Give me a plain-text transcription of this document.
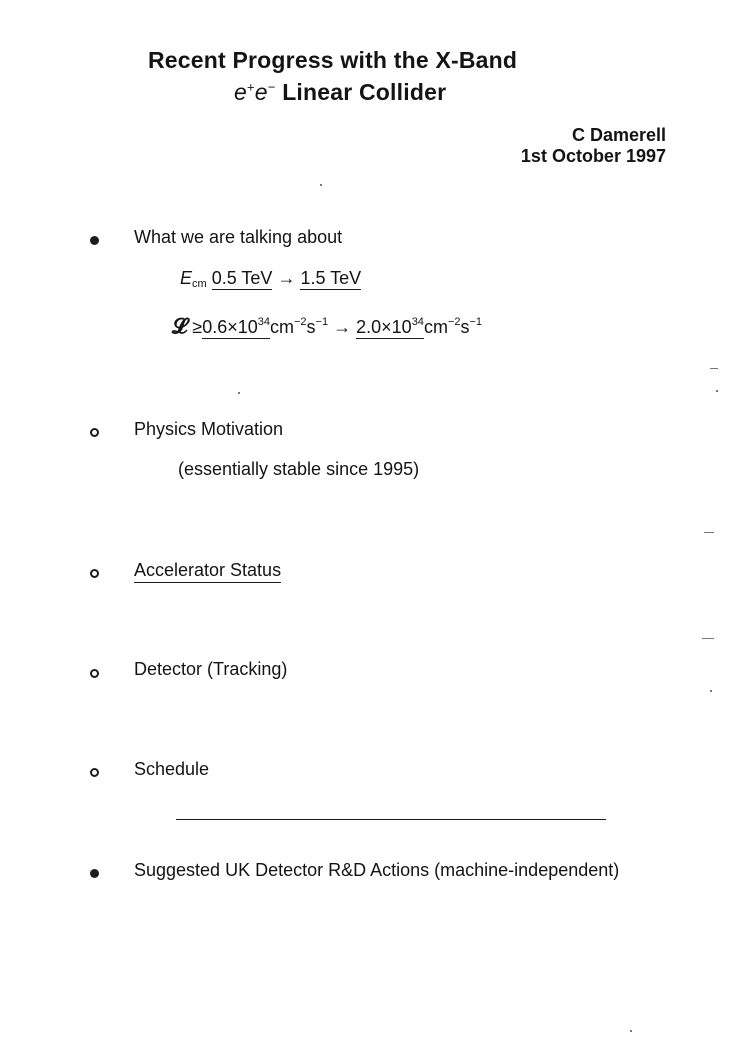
Recent Progress with the X-Band
e+e− Linear Collider
C Damerell
1st October 1997
What we are talking about
$E_{cm}$ 0.5 TeV → 1.5 TeV
𝓛 $\ge 0.6\times 10^{34}cm^{-2}s^{-1} \to 2.0\times 10^{34}cm^{-2}s^{-1}$
Physics Motivation
(essentially stable since 1995)
Accelerator Status
Detector (Tracking)
Schedule
Suggested UK Detector R&D Actions (machine-independent)
